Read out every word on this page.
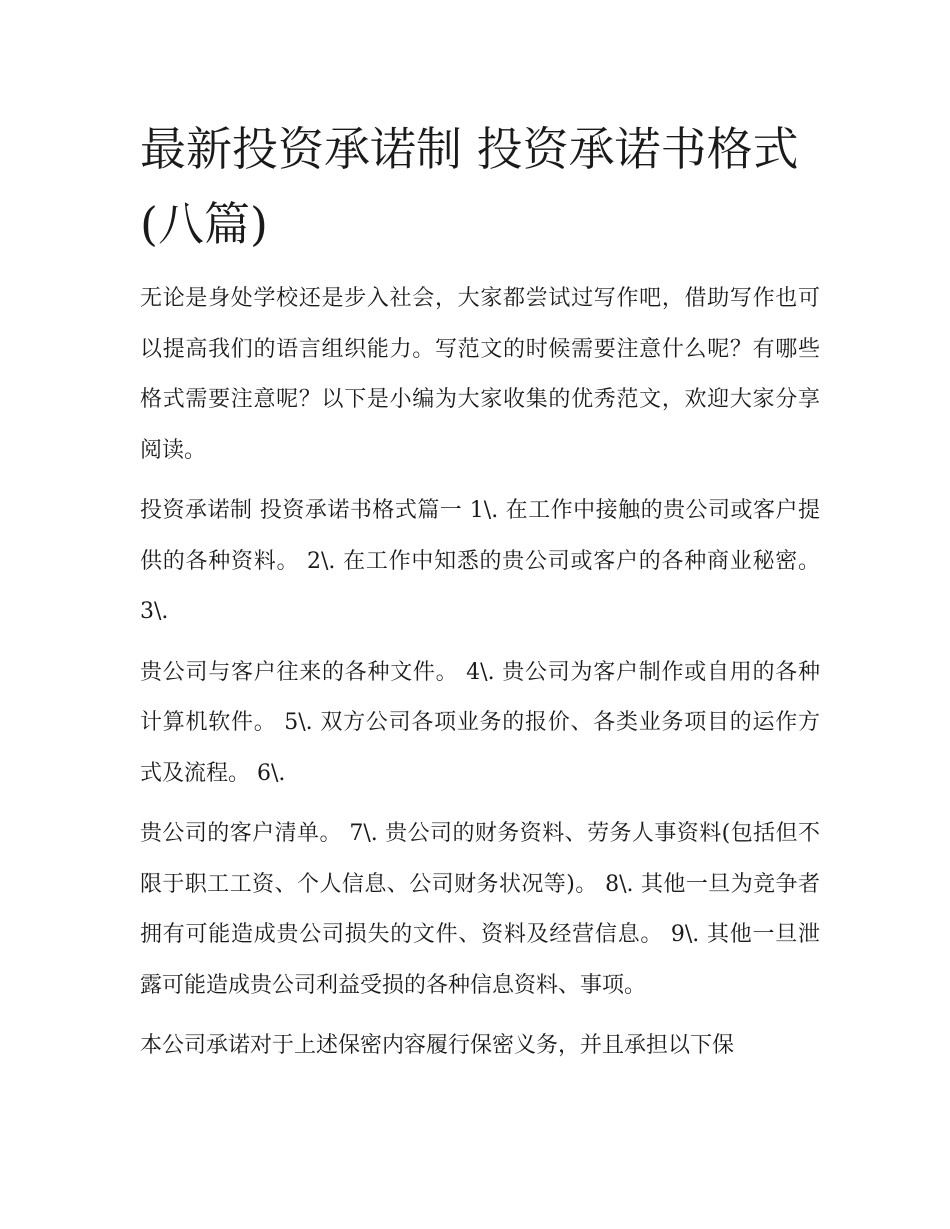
最新投资承诺制 投资承诺书格式(八篇)

无论是身处学校还是步入社会，大家都尝试过写作吧，借助写作也可以提高我们的语言组织能力。写范文的时候需要注意什么呢？有哪些格式需要注意呢？以下是小编为大家收集的优秀范文，欢迎大家分享阅读。

投资承诺制 投资承诺书格式篇一 1\. 在工作中接触的贵公司或客户提供的各种资料。 2\. 在工作中知悉的贵公司或客户的各种商业秘密。 3\.

贵公司与客户往来的各种文件。 4\. 贵公司为客户制作或自用的各种计算机软件。 5\. 双方公司各项业务的报价、各类业务项目的运作方式及流程。 6\.

贵公司的客户清单。 7\. 贵公司的财务资料、劳务人事资料(包括但不限于职工工资、个人信息、公司财务状况等)。 8\. 其他一旦为竞争者拥有可能造成贵公司损失的文件、资料及经营信息。 9\. 其他一旦泄露可能造成贵公司利益受损的各种信息资料、事项。

本公司承诺对于上述保密内容履行保密义务，并且承担以下保
